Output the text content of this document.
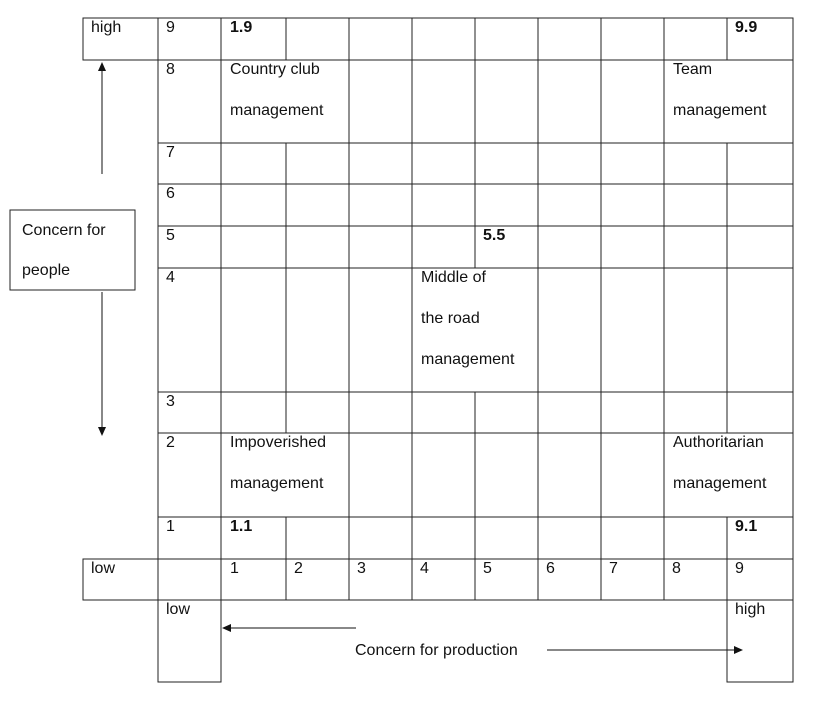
high
low
Concern for
people
9
8
7
6
5
4
3
2
1
1	2	3	4	5	6	7	8	9
low	high
Concern for production
1.9	9.9
5.5
1.1	9.1
Country club
management
Team
management
Middle of
the road
management
Impoverished
management
Authoritarian
management
